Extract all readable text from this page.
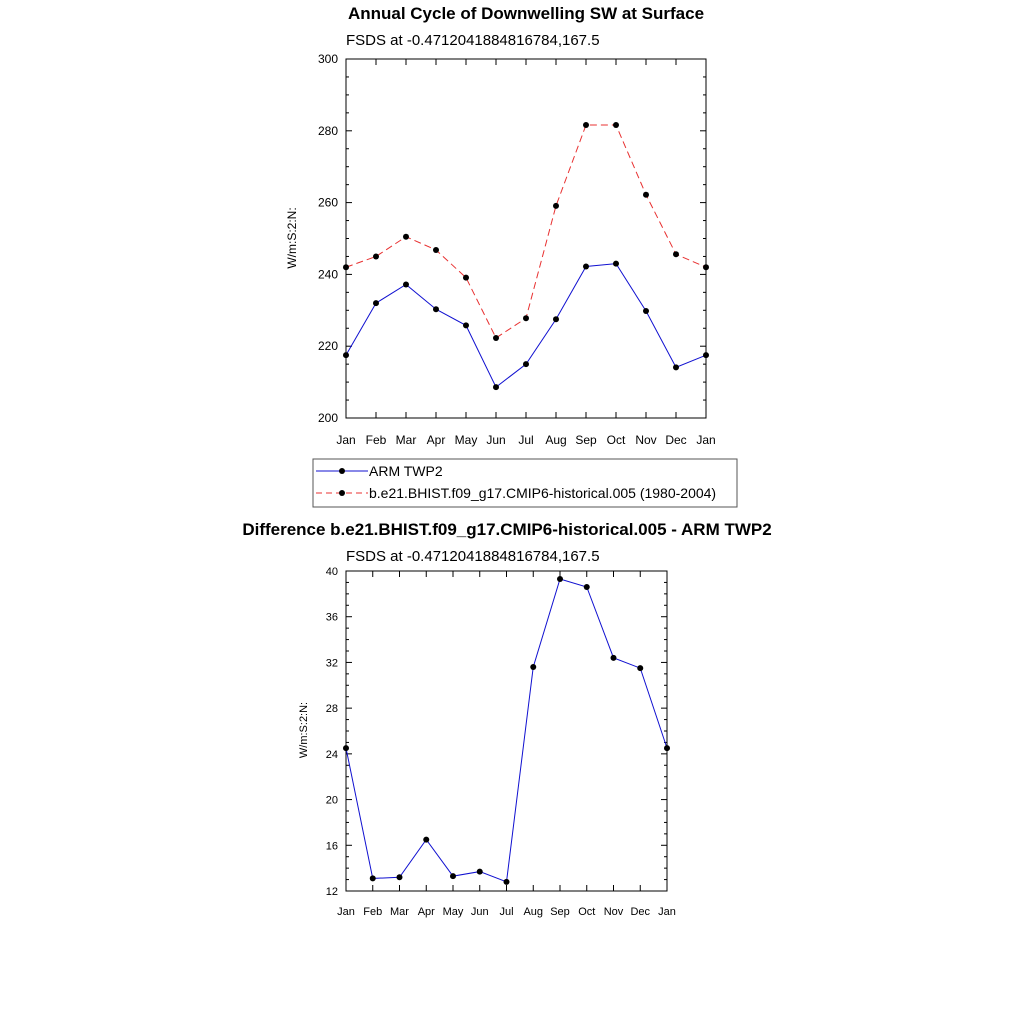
Annual Cycle of Downwelling SW at Surface
FSDS at -0.4712041884816784,167.5
W/m:S:2:N:
Jan Feb Mar Apr May Jun Jul Aug Sep Oct Nov Dec Jan
200
220
240
260
280
300
ARM TWP2
b.e21.BHIST.f09_g17.CMIP6-historical.005 (1980-2004)
Difference b.e21.BHIST.f09_g17.CMIP6-historical.005 - ARM TWP2
FSDS at -0.4712041884816784,167.5
W/m:S:2:N:
Jan Feb Mar Apr May Jun Jul Aug Sep Oct Nov Dec Jan
12
16
20
24
28
32
36
40
